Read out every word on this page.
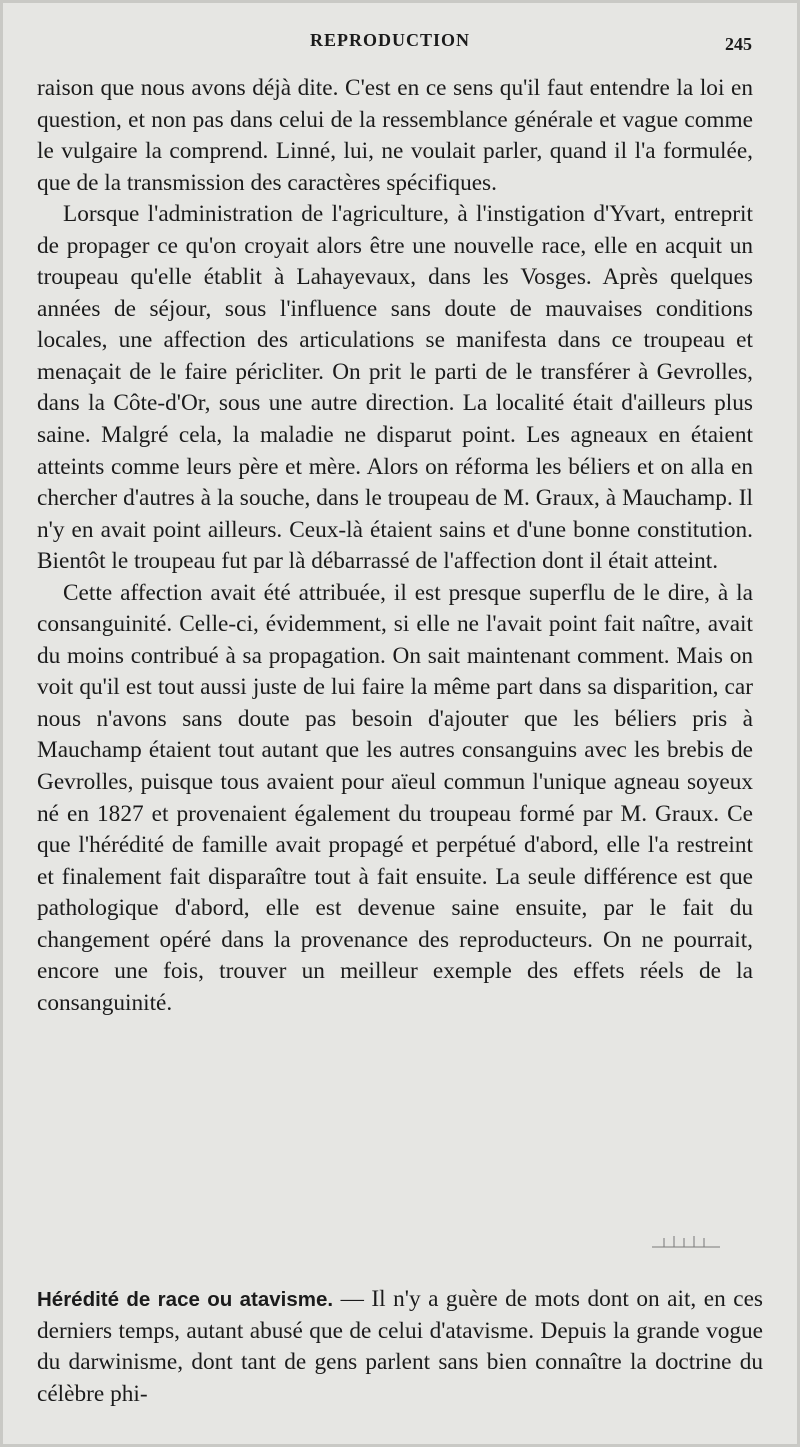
REPRODUCTION	245

raison que nous avons déjà dite. C'est en ce sens qu'il faut entendre la loi en question, et non pas dans celui de la ressemblance générale et vague comme le vulgaire la comprend. Linné, lui, ne voulait parler, quand il l'a formulée, que de la transmission des caractères spécifiques.

Lorsque l'administration de l'agriculture, à l'instigation d'Yvart, entreprit de propager ce qu'on croyait alors être une nouvelle race, elle en acquit un troupeau qu'elle établit à Lahayevaux, dans les Vosges. Après quelques années de séjour, sous l'influence sans doute de mauvaises conditions locales, une affection des articulations se manifesta dans ce troupeau et menaçait de le faire péricliter. On prit le parti de le transférer à Gevrolles, dans la Côte-d'Or, sous une autre direction. La localité était d'ailleurs plus saine. Malgré cela, la maladie ne disparut point. Les agneaux en étaient atteints comme leurs père et mère. Alors on réforma les béliers et on alla en chercher d'autres à la souche, dans le troupeau de M. Graux, à Mauchamp. Il n'y en avait point ailleurs. Ceux-là étaient sains et d'une bonne constitution. Bientôt le troupeau fut par là débarrassé de l'affection dont il était atteint.

Cette affection avait été attribuée, il est presque superflu de le dire, à la consanguinité. Celle-ci, évidemment, si elle ne l'avait point fait naître, avait du moins contribué à sa propagation. On sait maintenant comment. Mais on voit qu'il est tout aussi juste de lui faire la même part dans sa disparition, car nous n'avons sans doute pas besoin d'ajouter que les béliers pris à Mauchamp étaient tout autant que les autres consanguins avec les brebis de Gevrolles, puisque tous avaient pour aïeul commun l'unique agneau soyeux né en 1827 et provenaient également du troupeau formé par M. Graux. Ce que l'hérédité de famille avait propagé et perpétué d'abord, elle l'a restreint et finalement fait disparaître tout à fait ensuite. La seule différence est que pathologique d'abord, elle est devenue saine ensuite, par le fait du changement opéré dans la provenance des reproducteurs. On ne pourrait, encore une fois, trouver un meilleur exemple des effets réels de la consanguinité.

Hérédité de race ou atavisme. — Il n'y a guère de mots dont on ait, en ces derniers temps, autant abusé que de celui d'atavisme. Depuis la grande vogue du darwinisme, dont tant de gens parlent sans bien connaître la doctrine du célèbre phi-
